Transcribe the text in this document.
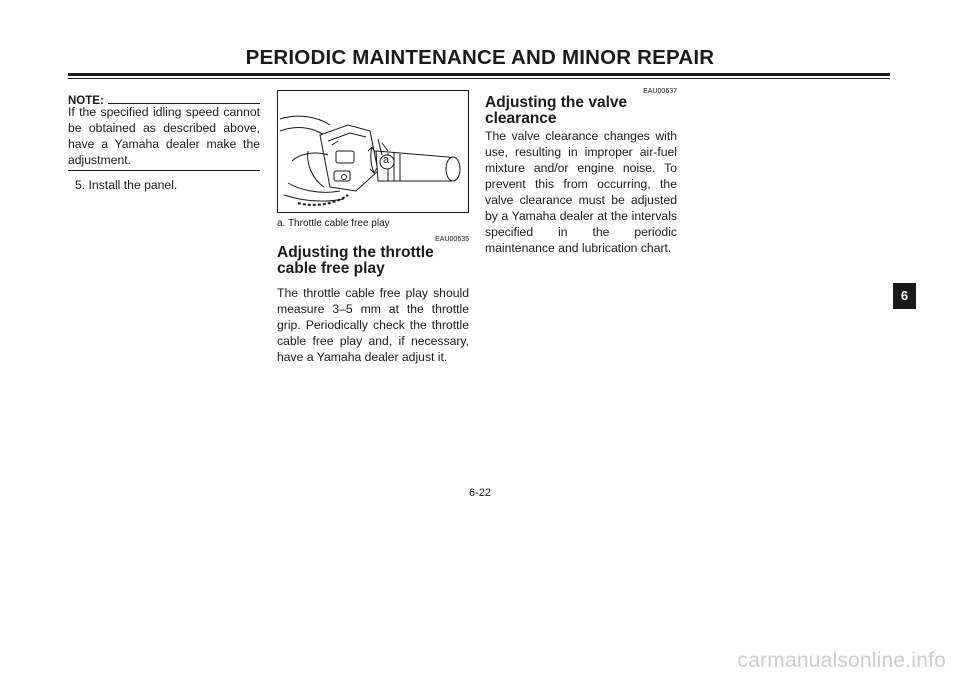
PERIODIC MAINTENANCE AND MINOR REPAIR
NOTE:
If the specified idling speed cannot be obtained as described above, have a Yamaha dealer make the adjustment.
5. Install the panel.
a
a. Throttle cable free play
EAU00635
Adjusting the throttle cable free play
The throttle cable free play should measure 3–5 mm at the throttle grip. Periodically check the throttle cable free play and, if necessary, have a Yamaha dealer adjust it.
EAU00637
Adjusting the valve clearance
The valve clearance changes with use, resulting in improper air-fuel mixture and/or engine noise. To prevent this from occurring, the valve clearance must be adjusted by a Yamaha dealer at the intervals specified in the periodic maintenance and lubrication chart.
6-22
6
carmanualsonline.info
